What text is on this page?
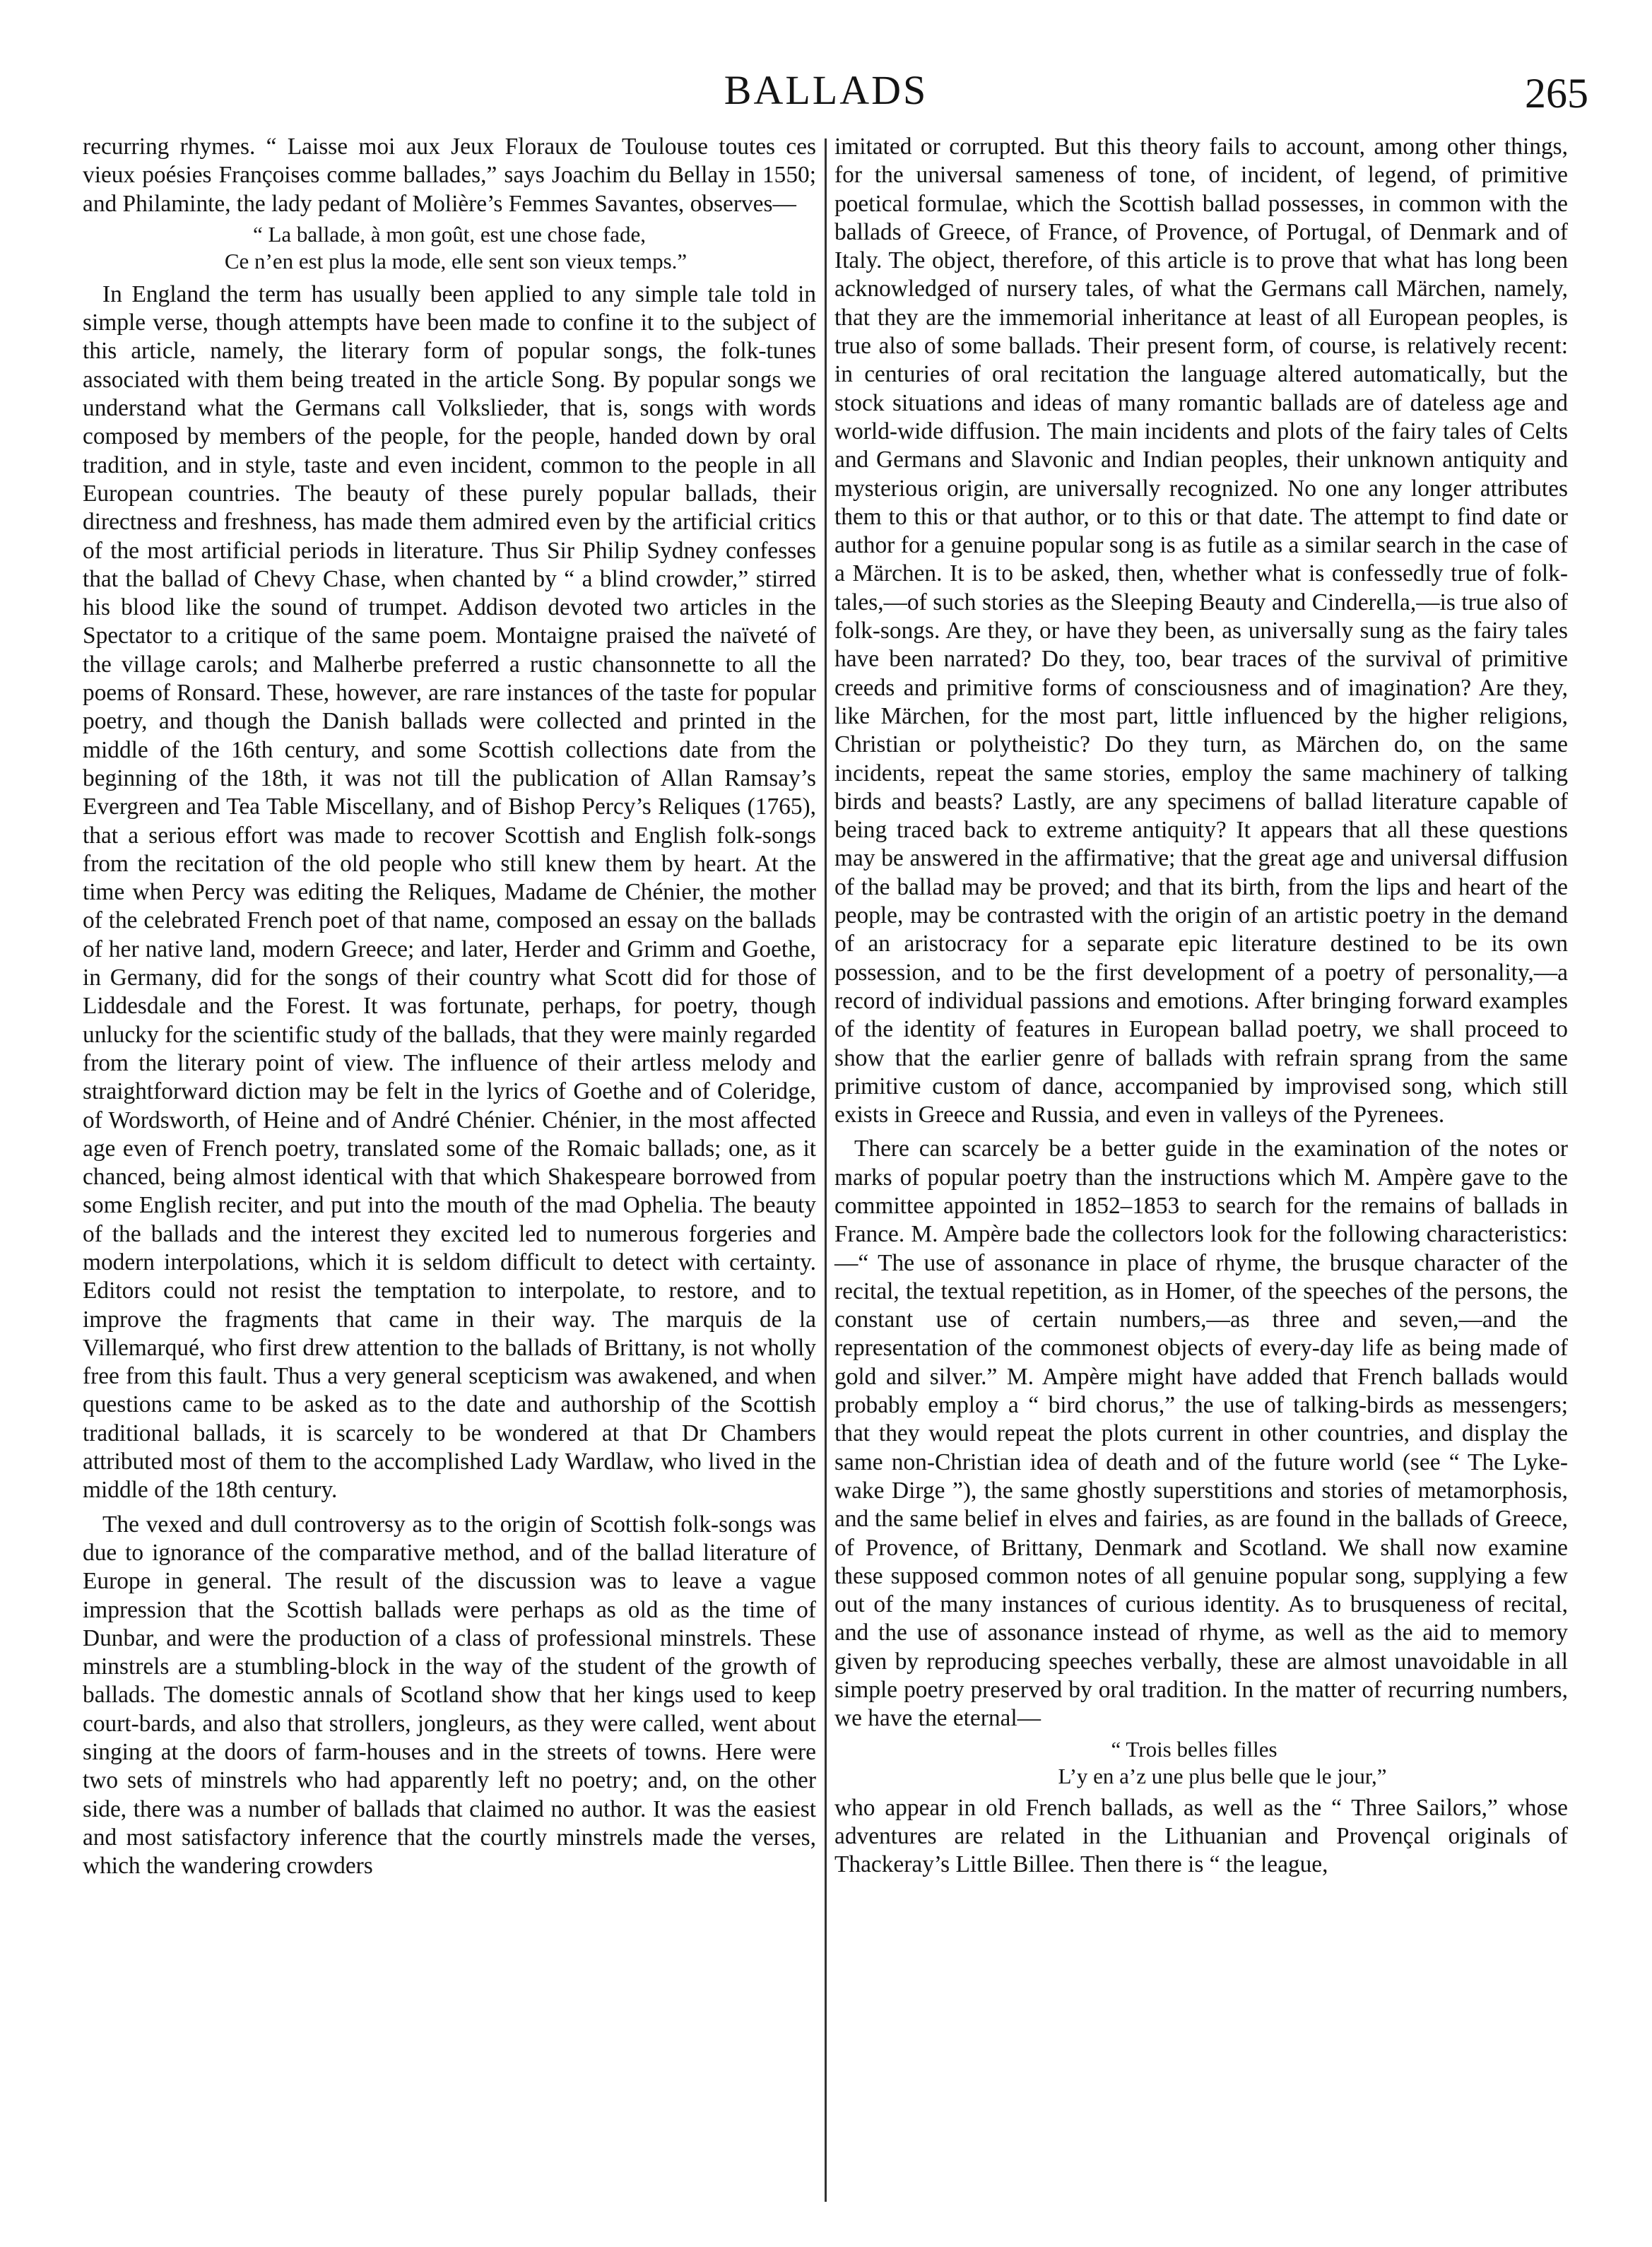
BALLADS	265

recurring rhymes. “ Laisse moi aux Jeux Floraux de Toulouse toutes ces vieux poésies Françoises comme ballades,” says Joachim du Bellay in 1550; and Philaminte, the lady pedant of Molière’s Femmes Savantes, observes—

“ La ballade, à mon goût, est une chose fade,
Ce n’en est plus la mode, elle sent son vieux temps.”

In England the term has usually been applied to any simple tale told in simple verse, though attempts have been made to confine it to the subject of this article, namely, the literary form of popular songs, the folk-tunes associated with them being treated in the article Song. By popular songs we understand what the Germans call Volkslieder, that is, songs with words composed by members of the people, for the people, handed down by oral tradition, and in style, taste and even incident, common to the people in all European countries. The beauty of these purely popular ballads, their directness and freshness, has made them admired even by the artificial critics of the most artificial periods in literature. Thus Sir Philip Sydney confesses that the ballad of Chevy Chase, when chanted by “ a blind crowder,” stirred his blood like the sound of trumpet. Addison devoted two articles in the Spectator to a critique of the same poem. Montaigne praised the naïveté of the village carols; and Malherbe preferred a rustic chansonnette to all the poems of Ronsard. These, however, are rare instances of the taste for popular poetry, and though the Danish ballads were collected and printed in the middle of the 16th century, and some Scottish collections date from the beginning of the 18th, it was not till the publication of Allan Ramsay’s Evergreen and Tea Table Miscellany, and of Bishop Percy’s Reliques (1765), that a serious effort was made to recover Scottish and English folk-songs from the recitation of the old people who still knew them by heart. At the time when Percy was editing the Reliques, Madame de Chénier, the mother of the celebrated French poet of that name, composed an essay on the ballads of her native land, modern Greece; and later, Herder and Grimm and Goethe, in Germany, did for the songs of their country what Scott did for those of Liddesdale and the Forest. It was fortunate, perhaps, for poetry, though unlucky for the scientific study of the ballads, that they were mainly regarded from the literary point of view. The influence of their artless melody and straightforward diction may be felt in the lyrics of Goethe and of Coleridge, of Wordsworth, of Heine and of André Chénier. Chénier, in the most affected age even of French poetry, translated some of the Romaic ballads; one, as it chanced, being almost identical with that which Shakespeare borrowed from some English reciter, and put into the mouth of the mad Ophelia. The beauty of the ballads and the interest they excited led to numerous forgeries and modern interpolations, which it is seldom difficult to detect with certainty. Editors could not resist the temptation to interpolate, to restore, and to improve the fragments that came in their way. The marquis de la Villemarqué, who first drew attention to the ballads of Brittany, is not wholly free from this fault. Thus a very general scepticism was awakened, and when questions came to be asked as to the date and authorship of the Scottish traditional ballads, it is scarcely to be wondered at that Dr Chambers attributed most of them to the accomplished Lady Wardlaw, who lived in the middle of the 18th century.

The vexed and dull controversy as to the origin of Scottish folk-songs was due to ignorance of the comparative method, and of the ballad literature of Europe in general. The result of the discussion was to leave a vague impression that the Scottish ballads were perhaps as old as the time of Dunbar, and were the production of a class of professional minstrels. These minstrels are a stumbling-block in the way of the student of the growth of ballads. The domestic annals of Scotland show that her kings used to keep court-bards, and also that strollers, jongleurs, as they were called, went about singing at the doors of farm-houses and in the streets of towns. Here were two sets of minstrels who had apparently left no poetry; and, on the other side, there was a number of ballads that claimed no author. It was the easiest and most satisfactory inference that the courtly minstrels made the verses, which the wandering crowders

imitated or corrupted. But this theory fails to account, among other things, for the universal sameness of tone, of incident, of legend, of primitive poetical formulae, which the Scottish ballad possesses, in common with the ballads of Greece, of France, of Provence, of Portugal, of Denmark and of Italy. The object, therefore, of this article is to prove that what has long been acknowledged of nursery tales, of what the Germans call Märchen, namely, that they are the immemorial inheritance at least of all European peoples, is true also of some ballads. Their present form, of course, is relatively recent: in centuries of oral recitation the language altered automatically, but the stock situations and ideas of many romantic ballads are of dateless age and world-wide diffusion. The main incidents and plots of the fairy tales of Celts and Germans and Slavonic and Indian peoples, their unknown antiquity and mysterious origin, are universally recognized. No one any longer attributes them to this or that author, or to this or that date. The attempt to find date or author for a genuine popular song is as futile as a similar search in the case of a Märchen. It is to be asked, then, whether what is confessedly true of folk-tales,—of such stories as the Sleeping Beauty and Cinderella,—is true also of folk-songs. Are they, or have they been, as universally sung as the fairy tales have been narrated? Do they, too, bear traces of the survival of primitive creeds and primitive forms of consciousness and of imagination? Are they, like Märchen, for the most part, little influenced by the higher religions, Christian or polytheistic? Do they turn, as Märchen do, on the same incidents, repeat the same stories, employ the same machinery of talking birds and beasts? Lastly, are any specimens of ballad literature capable of being traced back to extreme antiquity? It appears that all these questions may be answered in the affirmative; that the great age and universal diffusion of the ballad may be proved; and that its birth, from the lips and heart of the people, may be contrasted with the origin of an artistic poetry in the demand of an aristocracy for a separate epic literature destined to be its own possession, and to be the first development of a poetry of personality,—a record of individual passions and emotions. After bringing forward examples of the identity of features in European ballad poetry, we shall proceed to show that the earlier genre of ballads with refrain sprang from the same primitive custom of dance, accompanied by improvised song, which still exists in Greece and Russia, and even in valleys of the Pyrenees.

There can scarcely be a better guide in the examination of the notes or marks of popular poetry than the instructions which M. Ampère gave to the committee appointed in 1852–1853 to search for the remains of ballads in France. M. Ampère bade the collectors look for the following characteristics:—“ The use of assonance in place of rhyme, the brusque character of the recital, the textual repetition, as in Homer, of the speeches of the persons, the constant use of certain numbers,—as three and seven,—and the representation of the commonest objects of every-day life as being made of gold and silver.” M. Ampère might have added that French ballads would probably employ a “ bird chorus,” the use of talking-birds as messengers; that they would repeat the plots current in other countries, and display the same non-Christian idea of death and of the future world (see “ The Lyke-wake Dirge ”), the same ghostly superstitions and stories of metamorphosis, and the same belief in elves and fairies, as are found in the ballads of Greece, of Provence, of Brittany, Denmark and Scotland. We shall now examine these supposed common notes of all genuine popular song, supplying a few out of the many instances of curious identity. As to brusqueness of recital, and the use of assonance instead of rhyme, as well as the aid to memory given by reproducing speeches verbally, these are almost unavoidable in all simple poetry preserved by oral tradition. In the matter of recurring numbers, we have the eternal—

“ Trois belles filles
L’y en a’z une plus belle que le jour,”

who appear in old French ballads, as well as the “ Three Sailors,” whose adventures are related in the Lithuanian and Provençal originals of Thackeray’s Little Billee. Then there is “ the league,
